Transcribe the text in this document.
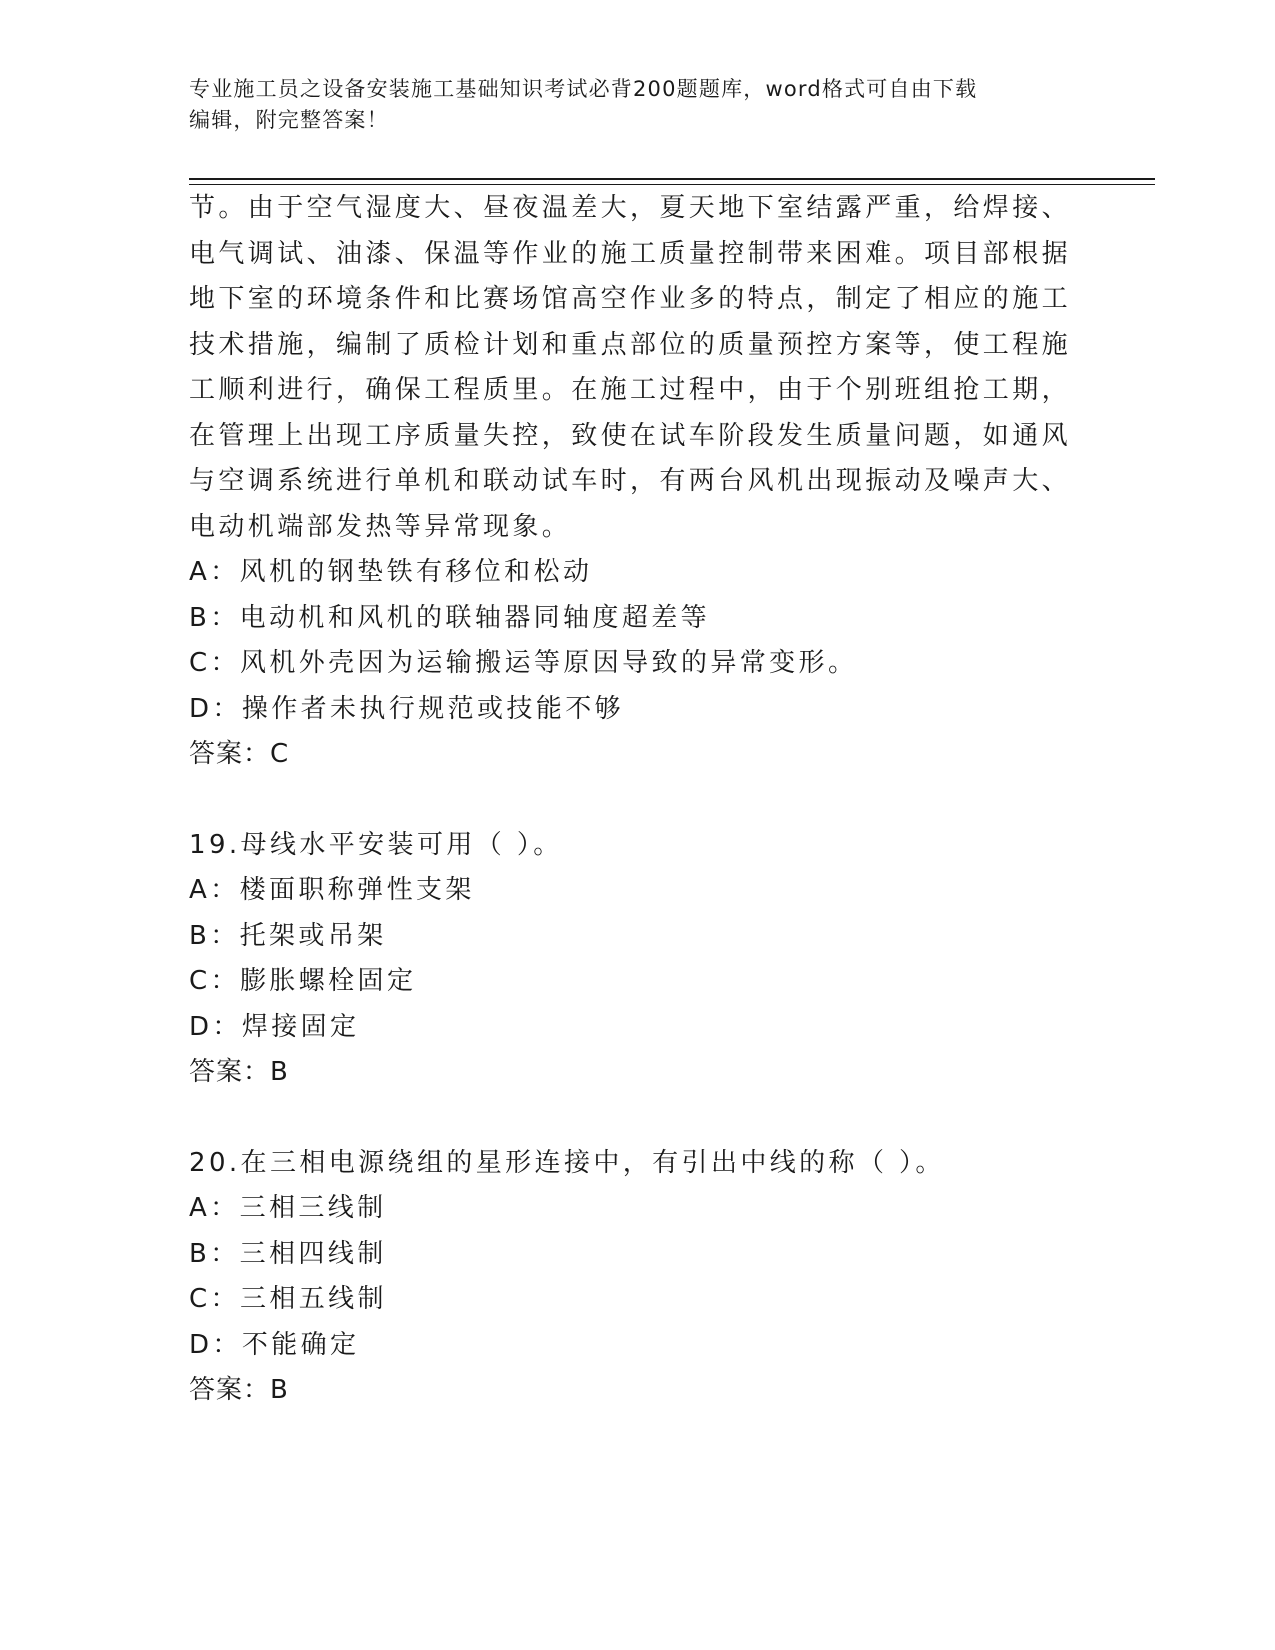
专业施工员之设备安装施工基础知识考试必背200题题库，word格式可自由下载
编辑，附完整答案！
节。由于空气湿度大、昼夜温差大，夏天地下室结露严重，给焊接、
电气调试、油漆、保温等作业的施工质量控制带来困难。项目部根据
地下室的环境条件和比赛场馆高空作业多的特点，制定了相应的施工
技术措施，编制了质检计划和重点部位的质量预控方案等，使工程施
工顺利进行，确保工程质里。在施工过程中，由于个别班组抢工期，
在管理上出现工序质量失控，致使在试车阶段发生质量问题，如通风
与空调系统进行单机和联动试车时，有两台风机出现振动及噪声大、
电动机端部发热等异常现象。
A：风机的钢垫铁有移位和松动
B：电动机和风机的联轴器同轴度超差等
C：风机外壳因为运输搬运等原因导致的异常变形。
D：操作者未执行规范或技能不够
答案：C
19.母线水平安装可用（ ）。
A：楼面职称弹性支架
B：托架或吊架
C：膨胀螺栓固定
D：焊接固定
答案：B
20.在三相电源绕组的星形连接中，有引出中线的称（ ）。
A：三相三线制
B：三相四线制
C：三相五线制
D：不能确定
答案：B
